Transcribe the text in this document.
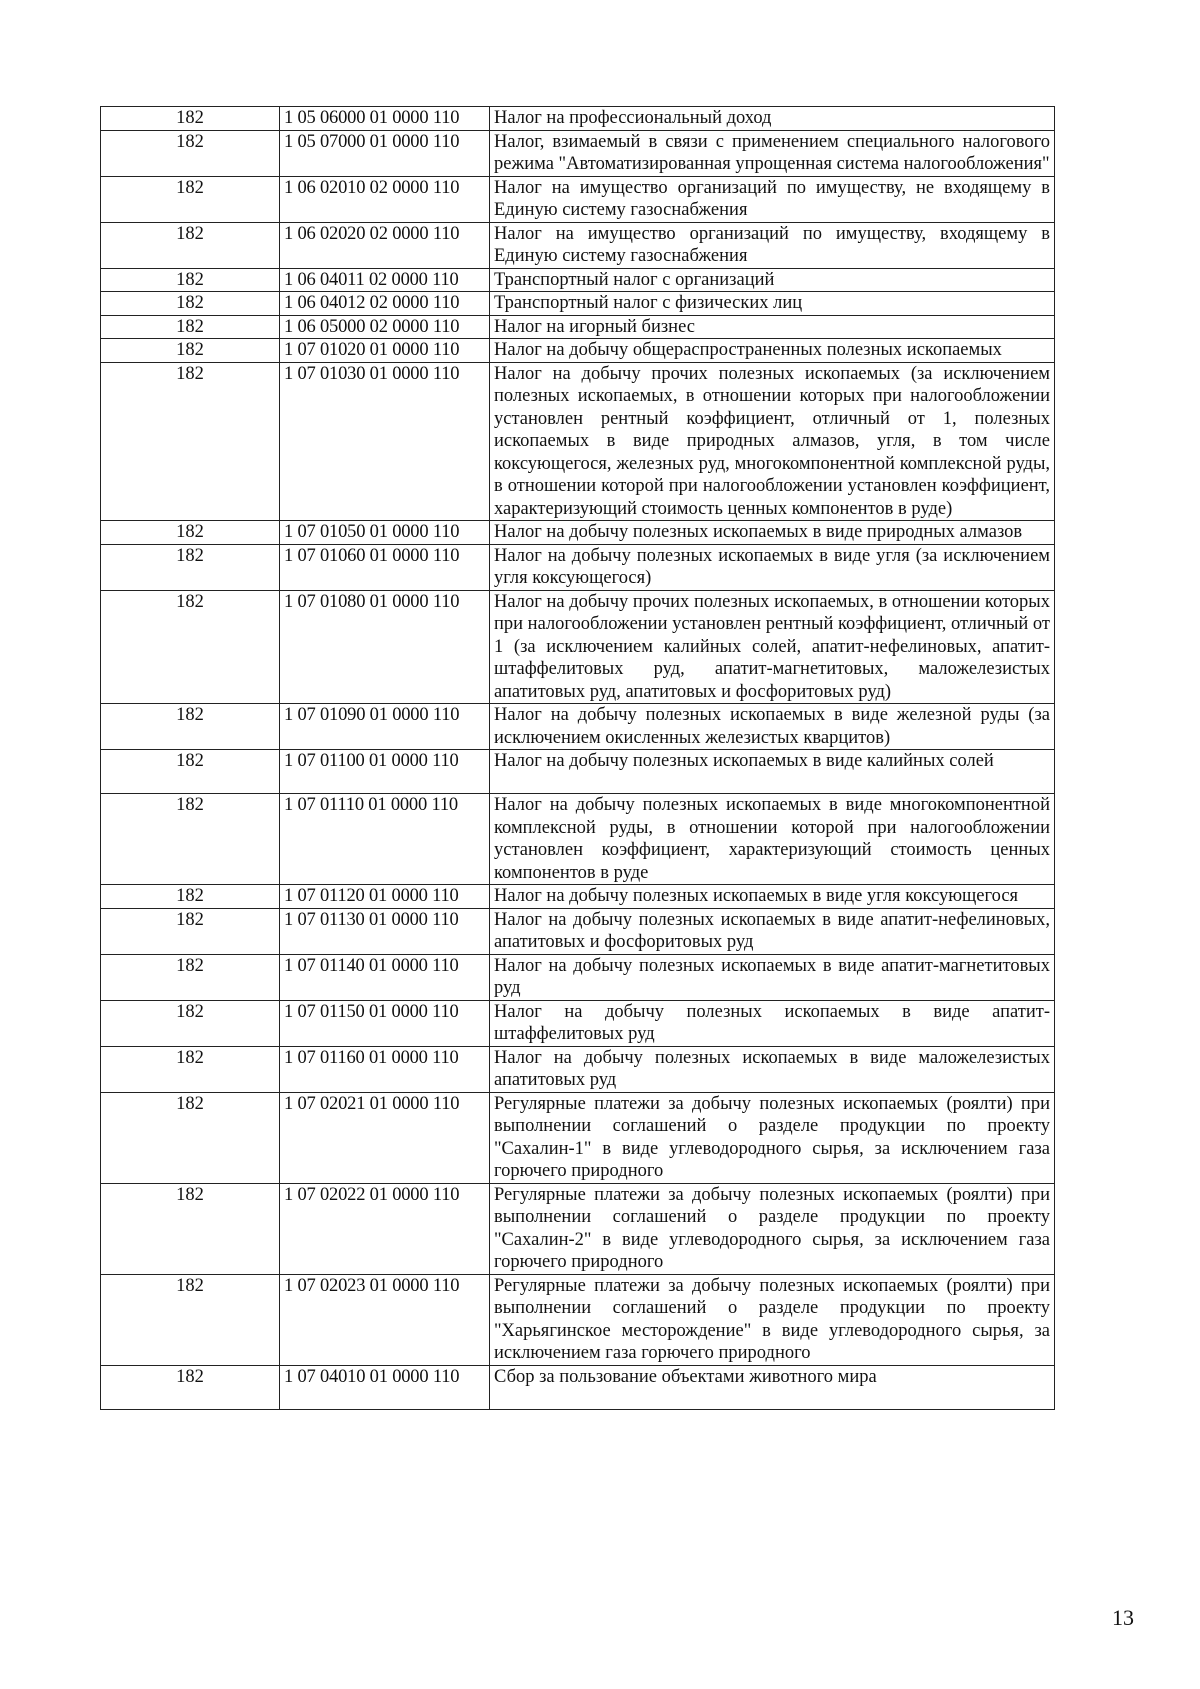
182	1 05 06000 01 0000 110	Налог на профессиональный доход
182	1 05 07000 01 0000 110	Налог, взимаемый в связи с применением специального налогового режима "Автоматизированная упрощенная система налогообложения"
182	1 06 02010 02 0000 110	Налог на имущество организаций по имуществу, не входящему в Единую систему газоснабжения
182	1 06 02020 02 0000 110	Налог на имущество организаций по имуществу, входящему в Единую систему газоснабжения
182	1 06 04011 02 0000 110	Транспортный налог с организаций
182	1 06 04012 02 0000 110	Транспортный налог с физических лиц
182	1 06 05000 02 0000 110	Налог на игорный бизнес
182	1 07 01020 01 0000 110	Налог на добычу общераспространенных полезных ископаемых
182	1 07 01030 01 0000 110	Налог на добычу прочих полезных ископаемых (за исключением полезных ископаемых, в отношении которых при налогообложении установлен рентный коэффициент, отличный от 1, полезных ископаемых в виде природных алмазов, угля, в том числе коксующегося, железных руд, многокомпонентной комплексной руды, в отношении которой при налогообложении установлен коэффициент, характеризующий стоимость ценных компонентов в руде)
182	1 07 01050 01 0000 110	Налог на добычу полезных ископаемых в виде природных алмазов
182	1 07 01060 01 0000 110	Налог на добычу полезных ископаемых в виде угля (за исключением угля коксующегося)
182	1 07 01080 01 0000 110	Налог на добычу прочих полезных ископаемых, в отношении которых при налогообложении установлен рентный коэффициент, отличный от 1 (за исключением калийных солей, апатит-нефелиновых, апатит-штаффелитовых руд, апатит-магнетитовых, маложелезистых апатитовых руд, апатитовых и фосфоритовых руд)
182	1 07 01090 01 0000 110	Налог на добычу полезных ископаемых в виде железной руды (за исключением окисленных железистых кварцитов)
182	1 07 01100 01 0000 110	Налог на добычу полезных ископаемых в виде калийных солей
182	1 07 01110 01 0000 110	Налог на добычу полезных ископаемых в виде многокомпонентной комплексной руды, в отношении которой при налогообложении установлен коэффициент, характеризующий стоимость ценных компонентов в руде
182	1 07 01120 01 0000 110	Налог на добычу полезных ископаемых в виде угля коксующегося
182	1 07 01130 01 0000 110	Налог на добычу полезных ископаемых в виде апатит-нефелиновых, апатитовых и фосфоритовых руд
182	1 07 01140 01 0000 110	Налог на добычу полезных ископаемых в виде апатит-магнетитовых руд
182	1 07 01150 01 0000 110	Налог на добычу полезных ископаемых в виде апатит-штаффелитовых руд
182	1 07 01160 01 0000 110	Налог на добычу полезных ископаемых в виде маложелезистых апатитовых руд
182	1 07 02021 01 0000 110	Регулярные платежи за добычу полезных ископаемых (роялти) при выполнении соглашений о разделе продукции по проекту "Сахалин-1" в виде углеводородного сырья, за исключением газа горючего природного
182	1 07 02022 01 0000 110	Регулярные платежи за добычу полезных ископаемых (роялти) при выполнении соглашений о разделе продукции по проекту "Сахалин-2" в виде углеводородного сырья, за исключением газа горючего природного
182	1 07 02023 01 0000 110	Регулярные платежи за добычу полезных ископаемых (роялти) при выполнении соглашений о разделе продукции по проекту "Харьягинское месторождение" в виде углеводородного сырья, за исключением газа горючего природного
182	1 07 04010 01 0000 110	Сбор за пользование объектами животного мира
13
